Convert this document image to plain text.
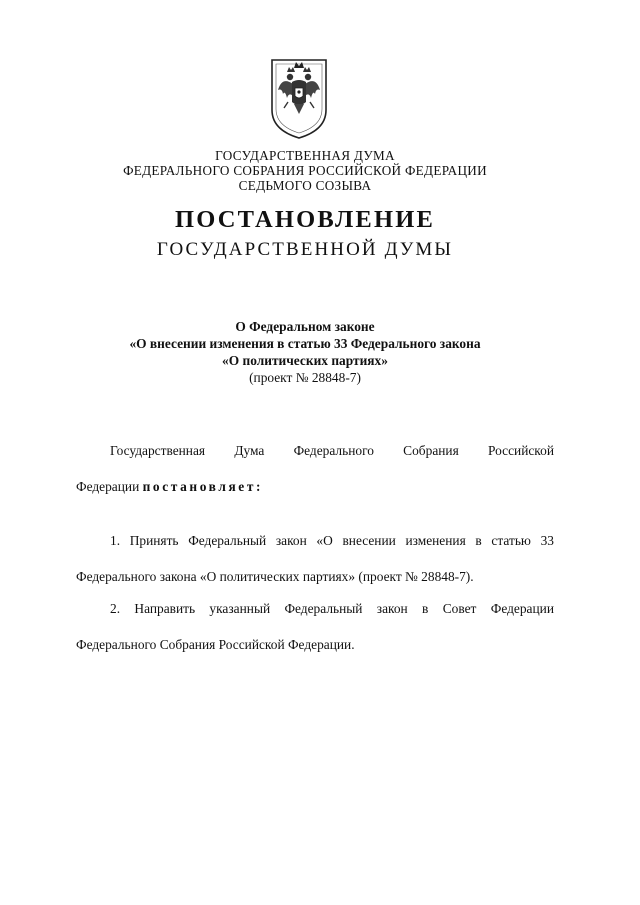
ГОСУДАРСТВЕННАЯ ДУМА
ФЕДЕРАЛЬНОГО СОБРАНИЯ РОССИЙСКОЙ ФЕДЕРАЦИИ
СЕДЬМОГО СОЗЫВА
ПОСТАНОВЛЕНИЕ
ГОСУДАРСТВЕННОЙ ДУМЫ
О Федеральном законе
«О внесении изменения в статью 33 Федерального закона
«О политических партиях»
(проект № 28848-7)
Государственная Дума Федерального Собрания Российской
Федерации постановляет:
1. Принять Федеральный закон «О внесении изменения в статью 33
Федерального закона «О политических партиях» (проект № 28848-7).
2. Направить указанный Федеральный закон в Совет Федерации
Федерального Собрания Российской Федерации.
